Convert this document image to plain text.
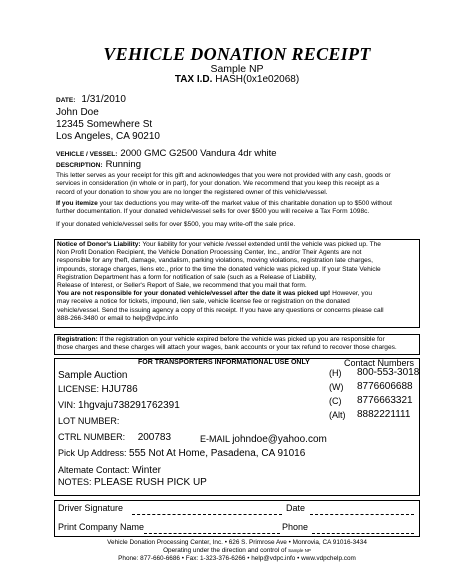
VEHICLE DONATION RECEIPT
Sample NP
TAX I.D. HASH(0x1e02068)
DATE: 1/31/2010
John Doe
12345 Somewhere St
Los Angeles, CA 90210
VEHICLE / VESSEL: 2000 GMC G2500 Vandura 4dr white
DESCRIPTION: Running
This letter serves as your receipt for this gift and acknowledges that you were not provided with any cash, goods or
services in consideration (in whole or in part), for your donation. We recommend that you keep this receipt as a
record of your donation to show you are no longer the registered owner of this vehicle/vessel.
If you itemize your tax deductions you may write-off the market value of this charitable donation up to $500 without
further documentation. If your donated vehicle/vessel sells for over $500 you will receive a Tax Form 1098c.
If your donated vehicle/vessel sells for over $500, you may write-off the sale price.
Notice of Donor's Liability: Your liability for your vehicle /vessel extended until the vehicle was picked up. The
Non Profit Donation Recipient, the Vehicle Donation Processing Center, Inc., and/or Their Agents are not
responsible for any theft, damage, vandalism, parking violations, moving violations, registration late charges,
impounds, storage charges, liens etc., prior to the time the donated vehicle was picked up. If your State Vehicle
Registration Department has a form for notification of sale (such as a Release of Liability,
Release of Interest, or Seller's Report of Sale, we recommend that you mail that form.
You are not responsible for your donated vehicle/vessel after the date it was picked up! However, you
may receive a notice for tickets, impound, lien sale, vehicle license fee or registration on the donated
vehicle/vessel. Send the issuing agency a copy of this receipt. If you have any questions or concerns please call
888-266-3480 or email to help@vdpc.info
Registration: If the registration on your vehicle expired before the vehicle was picked up you are responsible for
those charges and these charges will attach your wages, bank accounts or your tax refund to recover those charges.
FOR TRANSPORTERS INFORMATIONAL USE ONLY	Contact Numbers
Sample Auction
LICENSE: HJU786
VIN: 1hgvaju738291762391
LOT NUMBER:
CTRL NUMBER: 200783	E-MAIL johndoe@yahoo.com
Pick Up Address: 555 Not At Home, Pasadena, CA 91016
Altemate Contact: Winter
NOTES: PLEASE RUSH PICK UP
(H) 800-553-3018
(W) 8776606688
(C) 8776663321
(Alt) 8882221111
Driver Signature	Date
Print Company Name	Phone
Vehicle Donation Processing Center, Inc. • 626 S. Primrose Ave • Monrovia, CA 91016-3434
Operating under the direction and control of Sample NP
Phone: 877-660-6686 • Fax: 1-323-376-6266 • help@vdpc.info • www.vdpchelp.com
